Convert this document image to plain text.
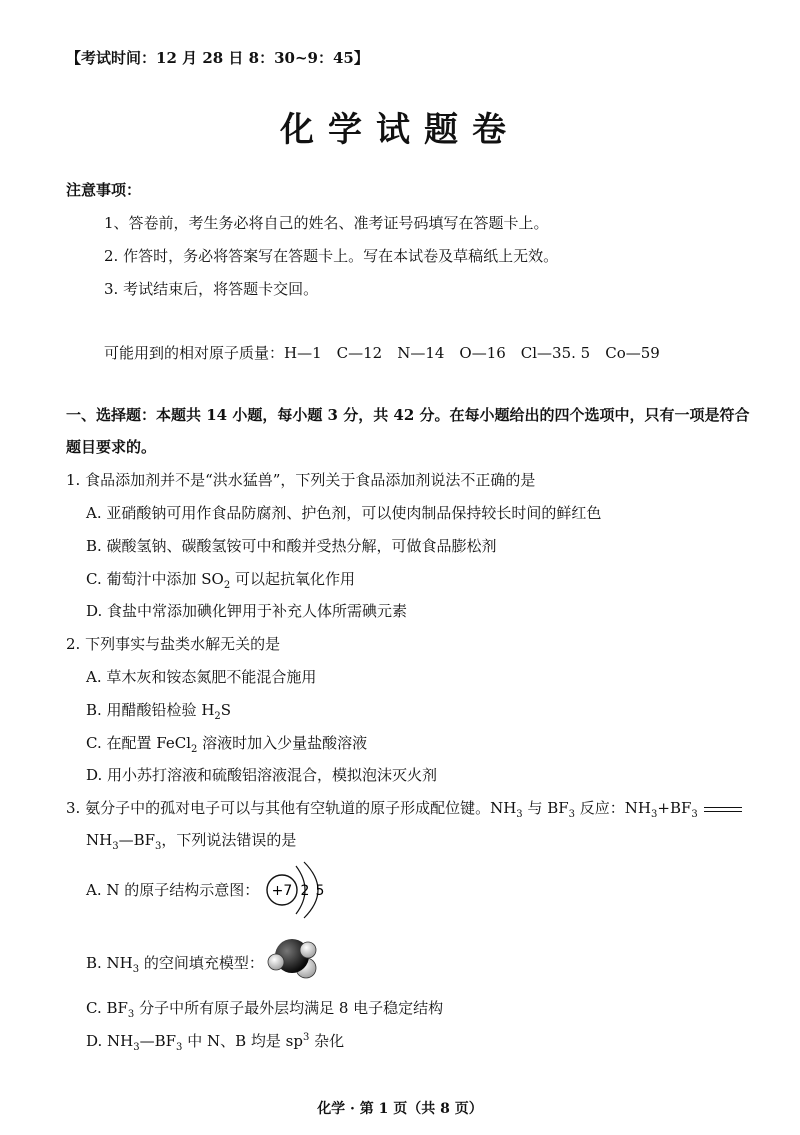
【考试时间：12 月 28 日 8：30~9：45】
化学试题卷
注意事项：
1、答卷前，考生务必将自己的姓名、准考证号码填写在答题卡上。
2. 作答时，务必将答案写在答题卡上。写在本试卷及草稿纸上无效。
3. 考试结束后，将答题卡交回。
可能用到的相对原子质量：H—1　C—12　N—14　O—16　Cl—35. 5　Co—59
一、选择题：本题共 14 小题，每小题 3 分，共 42 分。在每小题给出的四个选项中，只有一项是符合
题目要求的。
1. 食品添加剂并不是“洪水猛兽”，下列关于食品添加剂说法不正确的是
A. 亚硝酸钠可用作食品防腐剂、护色剂，可以使肉制品保持较长时间的鲜红色
B. 碳酸氢钠、碳酸氢铵可中和酸并受热分解，可做食品膨松剂
C. 葡萄汁中添加 $SO_2$ 可以起抗氧化作用
D. 食盐中常添加碘化钾用于补充人体所需碘元素
2. 下列事实与盐类水解无关的是
A. 草木灰和铵态氮肥不能混合施用
B. 用醋酸铅检验 $H_2S$
C. 在配置 FeCl$_2$ 溶液时加入少量盐酸溶液
D. 用小苏打溶液和硫酸铝溶液混合，模拟泡沫灭火剂
3. 氨分子中的孤对电子可以与其他有空轨道的原子形成配位键。$NH_3$ 与 $BF_3$ 反应：$NH_3+BF_3$
$NH_3—BF_3$，下列说法错误的是
A. N 的原子结构示意图： +7 2 5
B. $NH_3$ 的空间填充模型：
C. $BF_3$ 分子中所有原子最外层均满足 8 电子稳定结构
D. $NH_3—BF_3$ 中 N、B 均是 $sp^3$ 杂化
化学 · 第 1 页（共 8 页）
